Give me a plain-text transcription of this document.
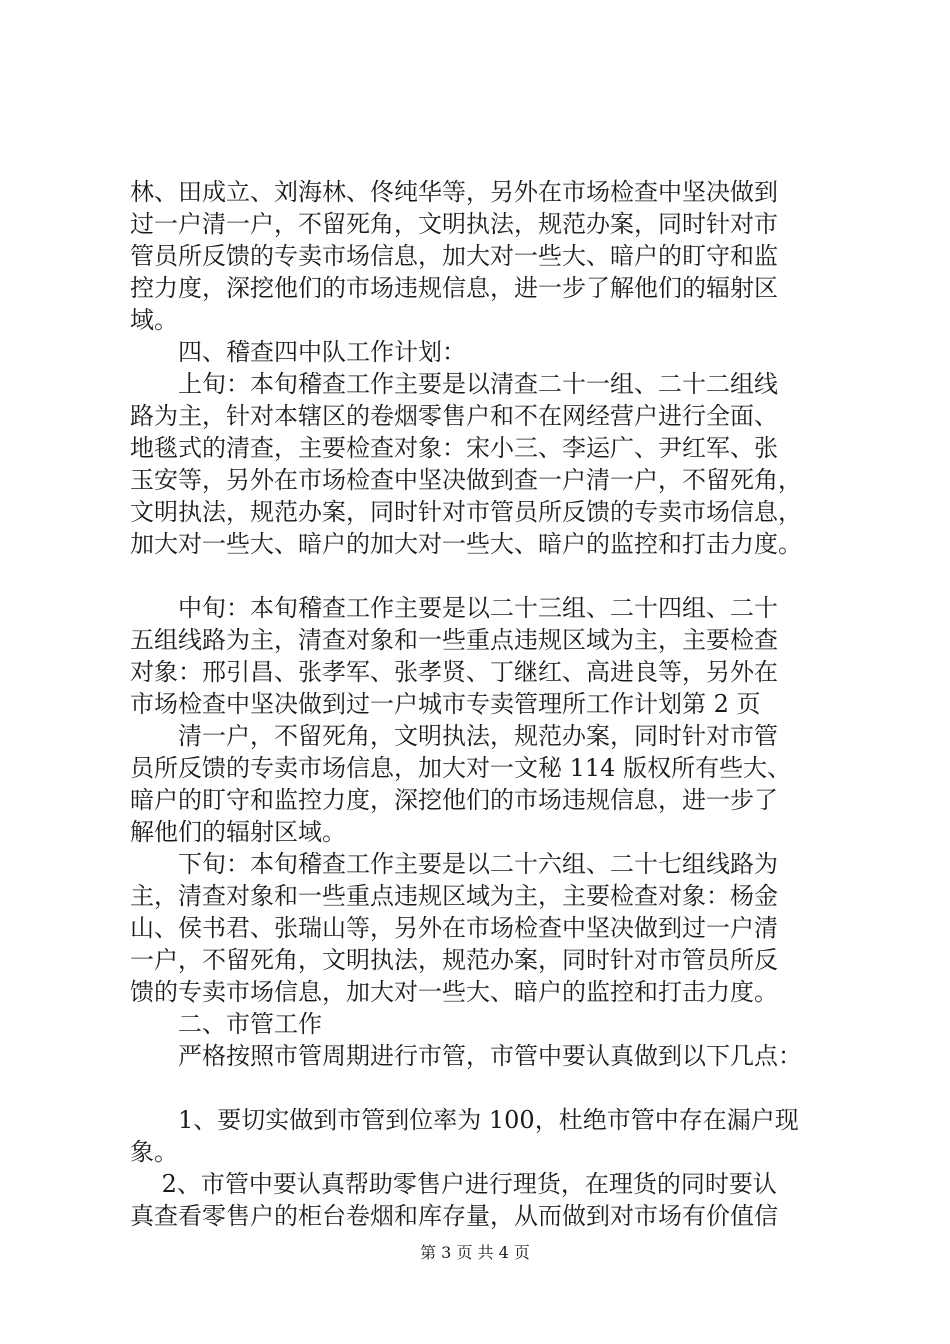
林、田成立、刘海林、佟纯华等，另外在市场检查中坚决做到
过一户清一户，不留死角，文明执法，规范办案，同时针对市
管员所反馈的专卖市场信息，加大对一些大、暗户的盯守和监
控力度，深挖他们的市场违规信息，进一步了解他们的辐射区
域。
　　四、稽查四中队工作计划：
　　上旬：本旬稽查工作主要是以清查二十一组、二十二组线
路为主，针对本辖区的卷烟零售户和不在网经营户进行全面、
地毯式的清查，主要检查对象：宋小三、李运广、尹红军、张
玉安等，另外在市场检查中坚决做到查一户清一户，不留死角，
文明执法，规范办案，同时针对市管员所反馈的专卖市场信息，
加大对一些大、暗户的加大对一些大、暗户的监控和打击力度。
　　中旬：本旬稽查工作主要是以二十三组、二十四组、二十
五组线路为主，清查对象和一些重点违规区域为主，主要检查
对象：邢引昌、张孝军、张孝贤、丁继红、高进良等，另外在
市场检查中坚决做到过一户城市专卖管理所工作计划第 2 页
　　清一户，不留死角，文明执法，规范办案，同时针对市管
员所反馈的专卖市场信息，加大对一文秘 114 版权所有些大、
暗户的盯守和监控力度，深挖他们的市场违规信息，进一步了
解他们的辐射区域。
　　下旬：本旬稽查工作主要是以二十六组、二十七组线路为
主，清查对象和一些重点违规区域为主，主要检查对象：杨金
山、侯书君、张瑞山等，另外在市场检查中坚决做到过一户清
一户，不留死角，文明执法，规范办案，同时针对市管员所反
馈的专卖市场信息，加大对一些大、暗户的监控和打击力度。
　　二、市管工作
　　严格按照市管周期进行市管，市管中要认真做到以下几点：
　　1、要切实做到市管到位率为 100，杜绝市管中存在漏户现
象。
　 2、市管中要认真帮助零售户进行理货，在理货的同时要认
真查看零售户的柜台卷烟和库存量，从而做到对市场有价值信
第 3 页 共 4 页
